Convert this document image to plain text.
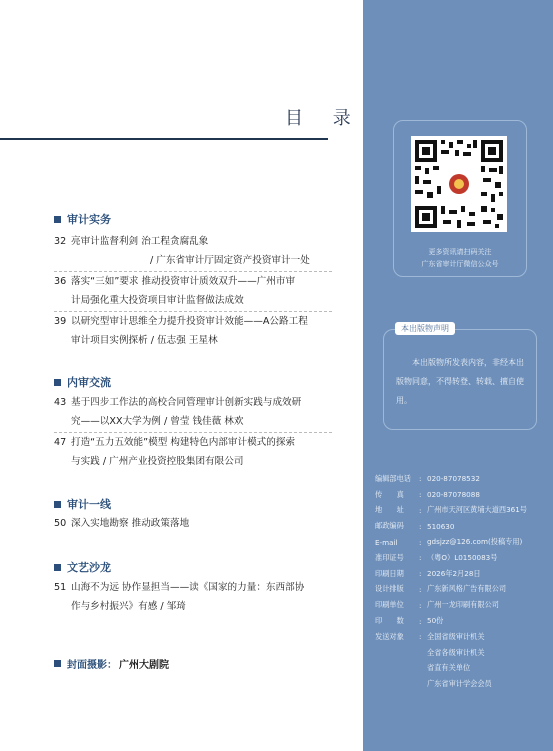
目 录
审计实务
32 亮审计监督利剑 治工程贪腐乱象
/ 广东省审计厅固定资产投资审计一处
36 落实“三如”要求 推动投资审计质效双升——广州市审
计局强化重大投资项目审计监督做法成效
39 以研究型审计思维全力提升投资审计效能——A公路工程
审计项目实例探析 / 伍志强 王星林
内审交流
43 基于四步工作法的高校合同管理审计创新实践与成效研
究——以XX大学为例 / 曾莹 钱佳薇 林欢
47 打造“五力五效能”模型 构建特色内部审计模式的探索
与实践 / 广州产业投资控股集团有限公司
审计一线
50 深入实地勘察 推动政策落地
文艺沙龙
51 山海不为远 协作显担当——读《国家的力量：东西部协
作与乡村振兴》有感 / 邹琦
封面摄影： 广州大剧院
更多资讯请扫码关注
广东省审计厅微信公众号
本出版物声明
本出版物所发表内容，非经本出版物同意，不得转登、转载、擅自使用。
编辑部电话	: 020-87078532
传　　真	: 020-87078088
地　　址	: 广州市天河区黄埔大道西361号
邮政编码	: 510630
E-mail	: gdsjzz@126.com(投稿专用)
准印证号	: （粤O）L0150083号
印刷日期	: 2026年2月28日
设计排版	: 广东新风格广告有限公司
印刷单位	: 广州一龙印刷有限公司
印　　数	: 50份
发送对象	: 全国省级审计机关
全省各级审计机关
省直有关单位
广东省审计学会会员
